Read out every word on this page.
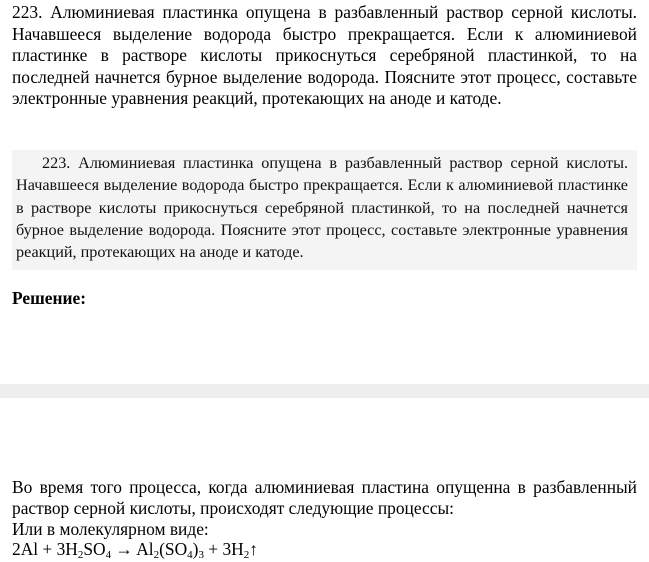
223. Алюминиевая пластинка опущена в разбавленный раствор серной кислоты. Начавшееся выделение водорода быстро прекращается. Если к алюминиевой пластинке в растворе кислоты прикоснуться серебряной пластинкой, то на последней начнется бурное выделение водорода. Поясните этот процесс, составьте электронные уравнения реакций, протекающих на аноде и катоде.
223. Алюминиевая пластинка опущена в разбавленный раствор серной кислоты. Начавшееся выделение водорода быстро прекращается. Если к алюминиевой пластинке в растворе кислоты прикоснуться серебряной пластинкой, то на последней начнется бурное выделение водорода. Поясните этот процесс, составьте электронные уравнения реакций, протекающих на аноде и катоде.
Решение:
Во время того процесса, когда алюминиевая пластина опущенна в разбавленный раствор серной кислоты, происходят следующие процессы:
Или в молекулярном виде:
$2Al + 3H_2SO_4 \to Al_2(SO_4)_3$ + $3H_2↑$
